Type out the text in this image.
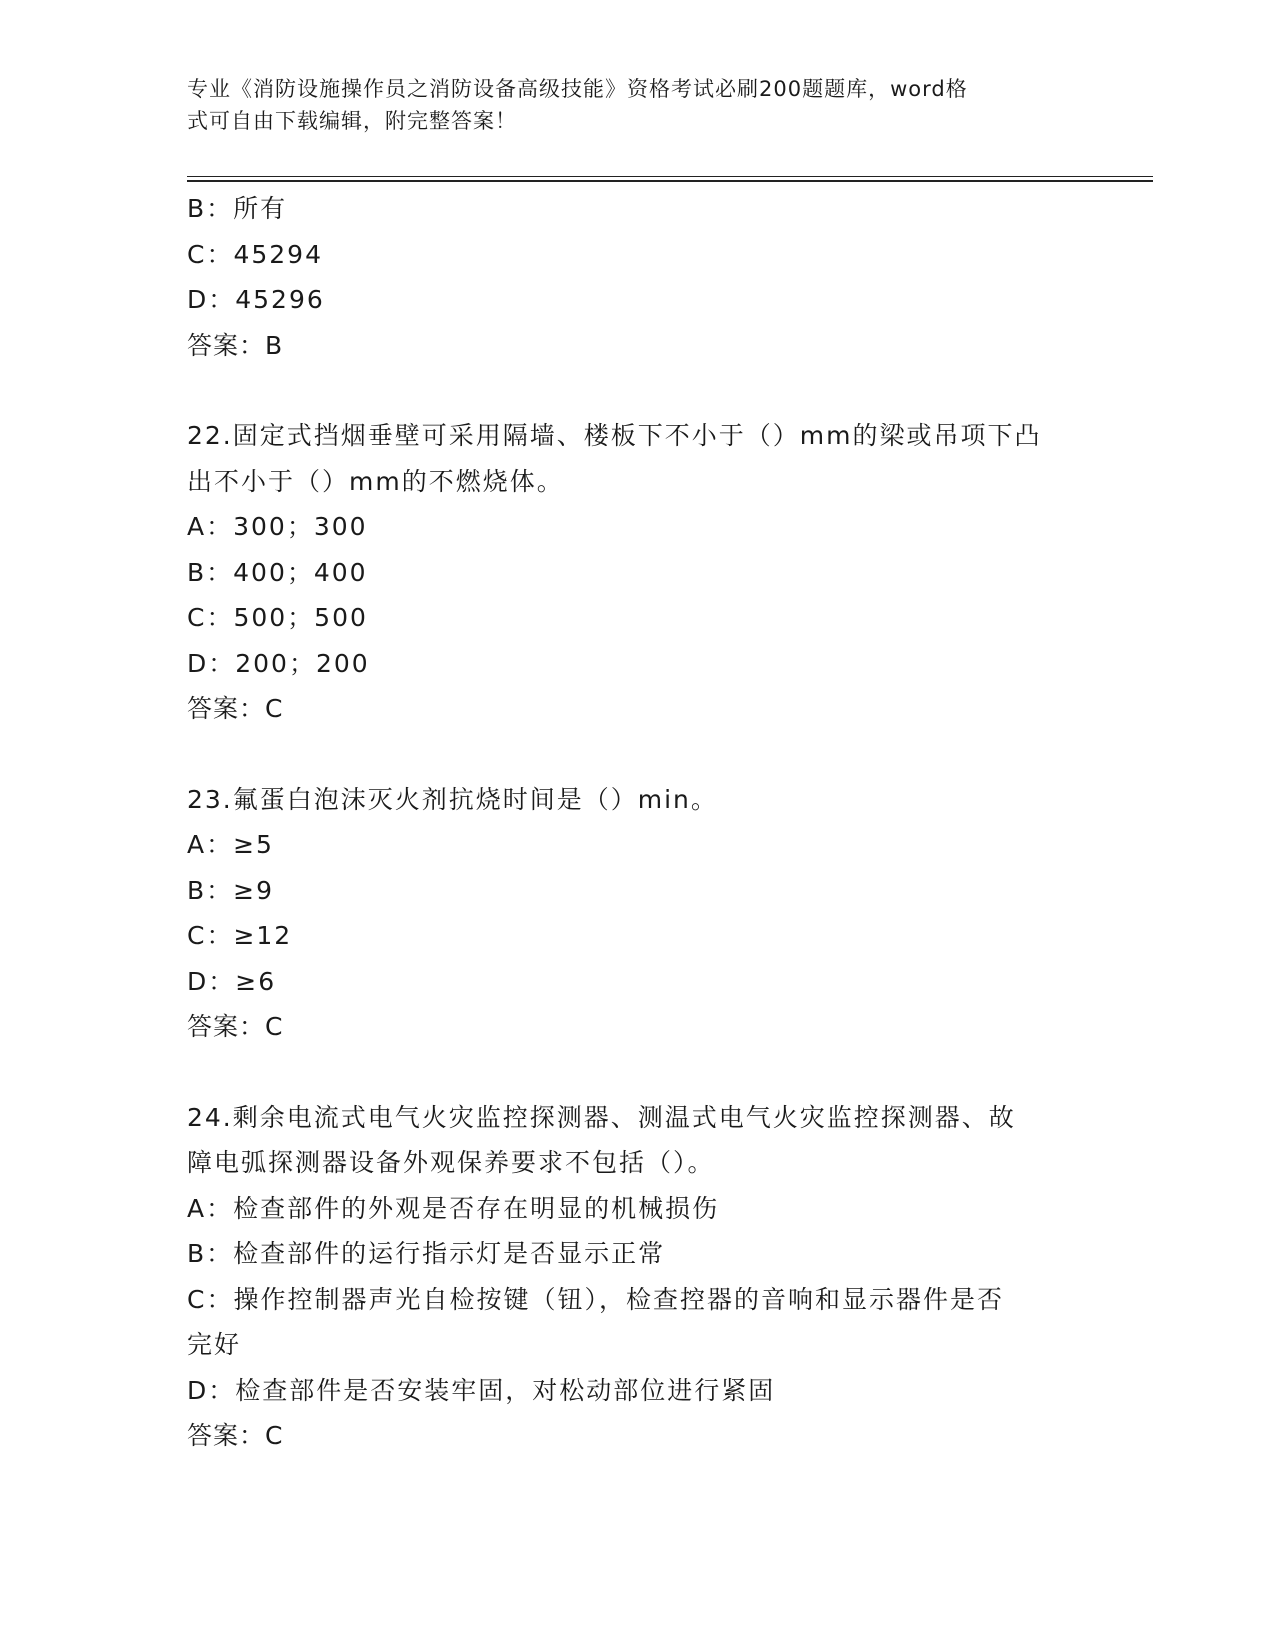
专业《消防设施操作员之消防设备高级技能》资格考试必刷200题题库，word格
式可自由下载编辑，附完整答案！
B：所有
C：45294
D：45296
答案：B
22.固定式挡烟垂壁可采用隔墙、楼板下不小于（）mm的梁或吊项下凸
出不小于（）mm的不燃烧体。
A：300；300
B：400；400
C：500；500
D：200；200
答案：C
23.氟蛋白泡沫灭火剂抗烧时间是（）min。
A：≥5
B：≥9
C：≥12
D：≥6
答案：C
24.剩余电流式电气火灾监控探测器、测温式电气火灾监控探测器、故
障电弧探测器设备外观保养要求不包括（）。
A：检查部件的外观是否存在明显的机械损伤
B：检查部件的运行指示灯是否显示正常
C：操作控制器声光自检按键（钮），检查控器的音响和显示器件是否
完好
D：检查部件是否安装牢固，对松动部位进行紧固
答案：C
